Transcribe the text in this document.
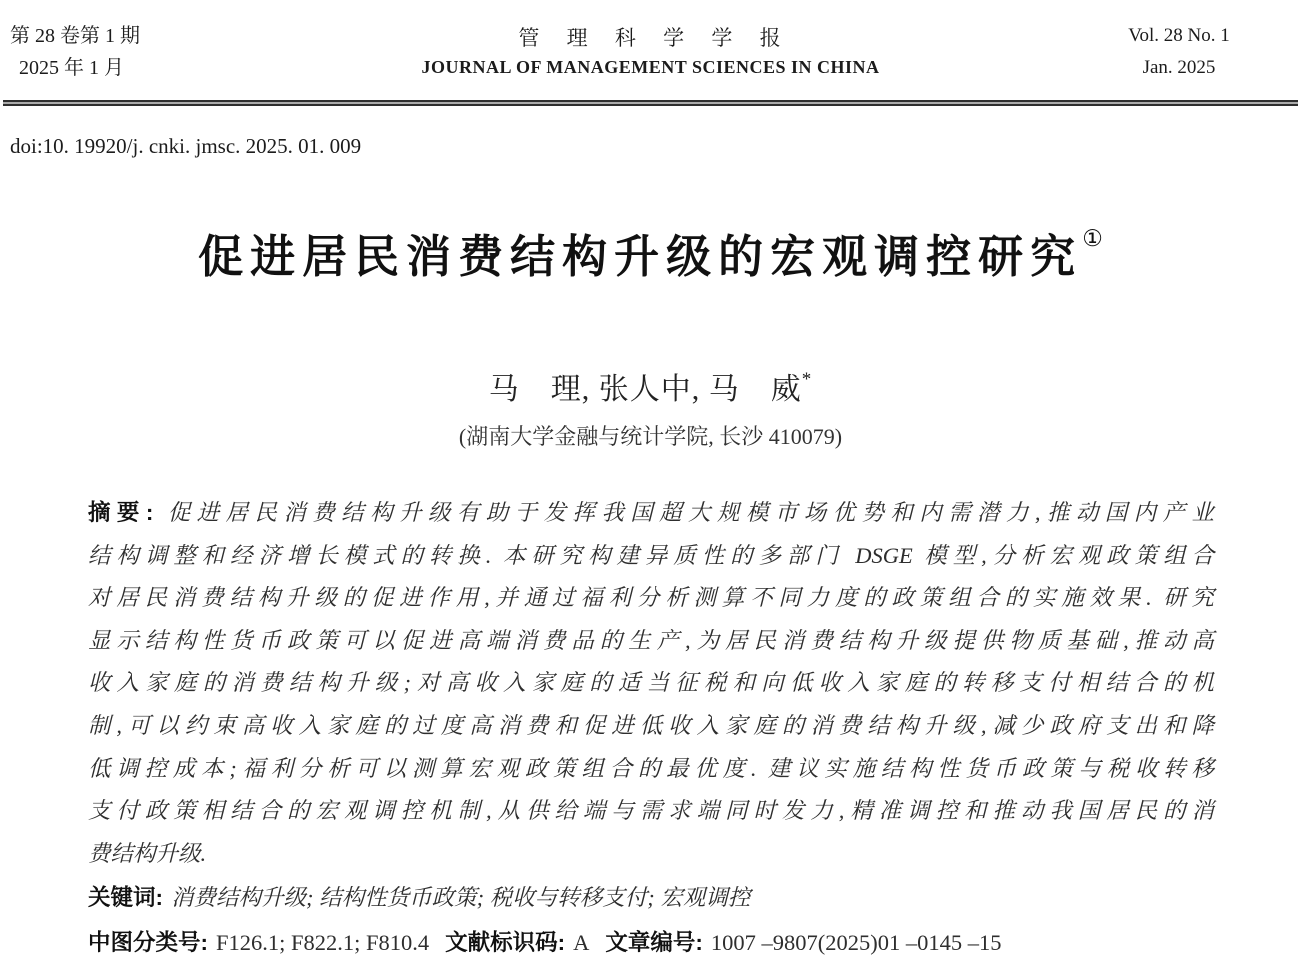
第 28 卷第 1 期
2025 年 1 月
管 理 科 学 学 报
JOURNAL OF MANAGEMENT SCIENCES IN CHINA
Vol. 28 No. 1
Jan. 2025
doi:10. 19920/j. cnki. jmsc. 2025. 01. 009
促进居民消费结构升级的宏观调控研究①
马　理, 张人中, 马　威*
(湖南大学金融与统计学院, 长沙 410079)
摘要: 促进居民消费结构升级有助于发挥我国超大规模市场优势和内需潜力,推动国内产业
结构调整和经济增长模式的转换. 本研究构建异质性的多部门 DSGE 模型,分析宏观政策组合
对居民消费结构升级的促进作用,并通过福利分析测算不同力度的政策组合的实施效果. 研究
显示结构性货币政策可以促进高端消费品的生产,为居民消费结构升级提供物质基础,推动高
收入家庭的消费结构升级;对高收入家庭的适当征税和向低收入家庭的转移支付相结合的机
制,可以约束高收入家庭的过度高消费和促进低收入家庭的消费结构升级,减少政府支出和降
低调控成本;福利分析可以测算宏观政策组合的最优度. 建议实施结构性货币政策与税收转移
支付政策相结合的宏观调控机制,从供给端与需求端同时发力,精准调控和推动我国居民的消
费结构升级.
关键词: 消费结构升级; 结构性货币政策; 税收与转移支付; 宏观调控
中图分类号: F126.1; F822.1; F810.4 文献标识码: A 文章编号: 1007 –9807(2025)01 –0145 –15
